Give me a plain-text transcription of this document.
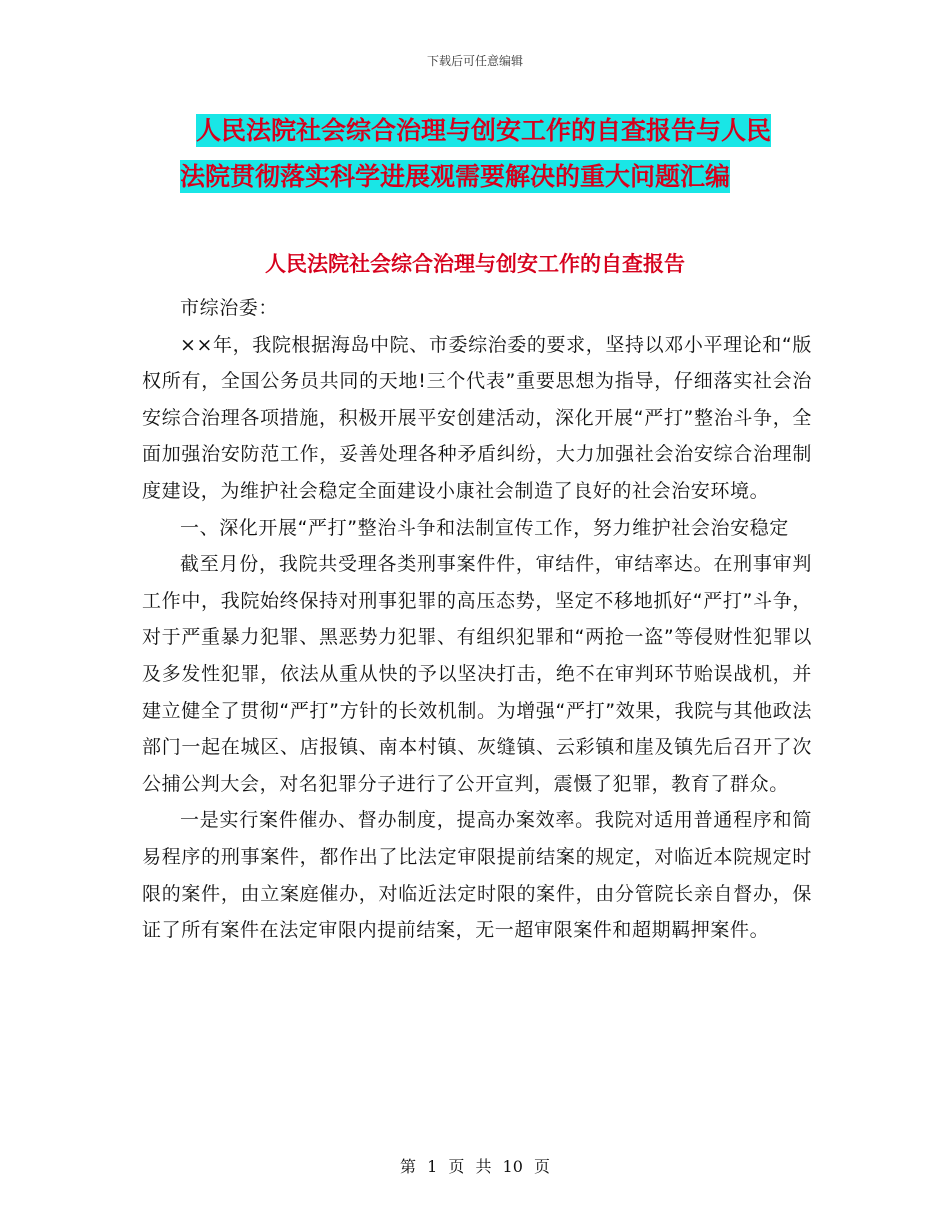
下载后可任意编辑
人民法院社会综合治理与创安工作的自查报告与人民
法院贯彻落实科学进展观需要解决的重大问题汇编
人民法院社会综合治理与创安工作的自查报告

市综治委：

××年，我院根据海岛中院、市委综治委的要求，坚持以邓小平理论和“版权所有，全国公务员共同的天地!三个代表”重要思想为指导，仔细落实社会治安综合治理各项措施，积极开展平安创建活动，深化开展“严打”整治斗争，全面加强治安防范工作，妥善处理各种矛盾纠纷，大力加强社会治安综合治理制度建设，为维护社会稳定全面建设小康社会制造了良好的社会治安环境。

一、深化开展“严打”整治斗争和法制宣传工作，努力维护社会治安稳定

截至月份，我院共受理各类刑事案件件，审结件，审结率达。在刑事审判工作中，我院始终保持对刑事犯罪的高压态势，坚定不移地抓好“严打”斗争，对于严重暴力犯罪、黑恶势力犯罪、有组织犯罪和“两抢一盗”等侵财性犯罪以及多发性犯罪，依法从重从快的予以坚决打击，绝不在审判环节贻误战机，并建立健全了贯彻“严打”方针的长效机制。为增强“严打”效果，我院与其他政法部门一起在城区、店报镇、南本村镇、灰缝镇、云彩镇和崖及镇先后召开了次公捕公判大会，对名犯罪分子进行了公开宣判，震慑了犯罪，教育了群众。

一是实行案件催办、督办制度，提高办案效率。我院对适用普通程序和简易程序的刑事案件，都作出了比法定审限提前结案的规定，对临近本院规定时限的案件，由立案庭催办，对临近法定时限的案件，由分管院长亲自督办，保证了所有案件在法定审限内提前结案，无一超审限案件和超期羁押案件。

第 1 页 共 10 页
